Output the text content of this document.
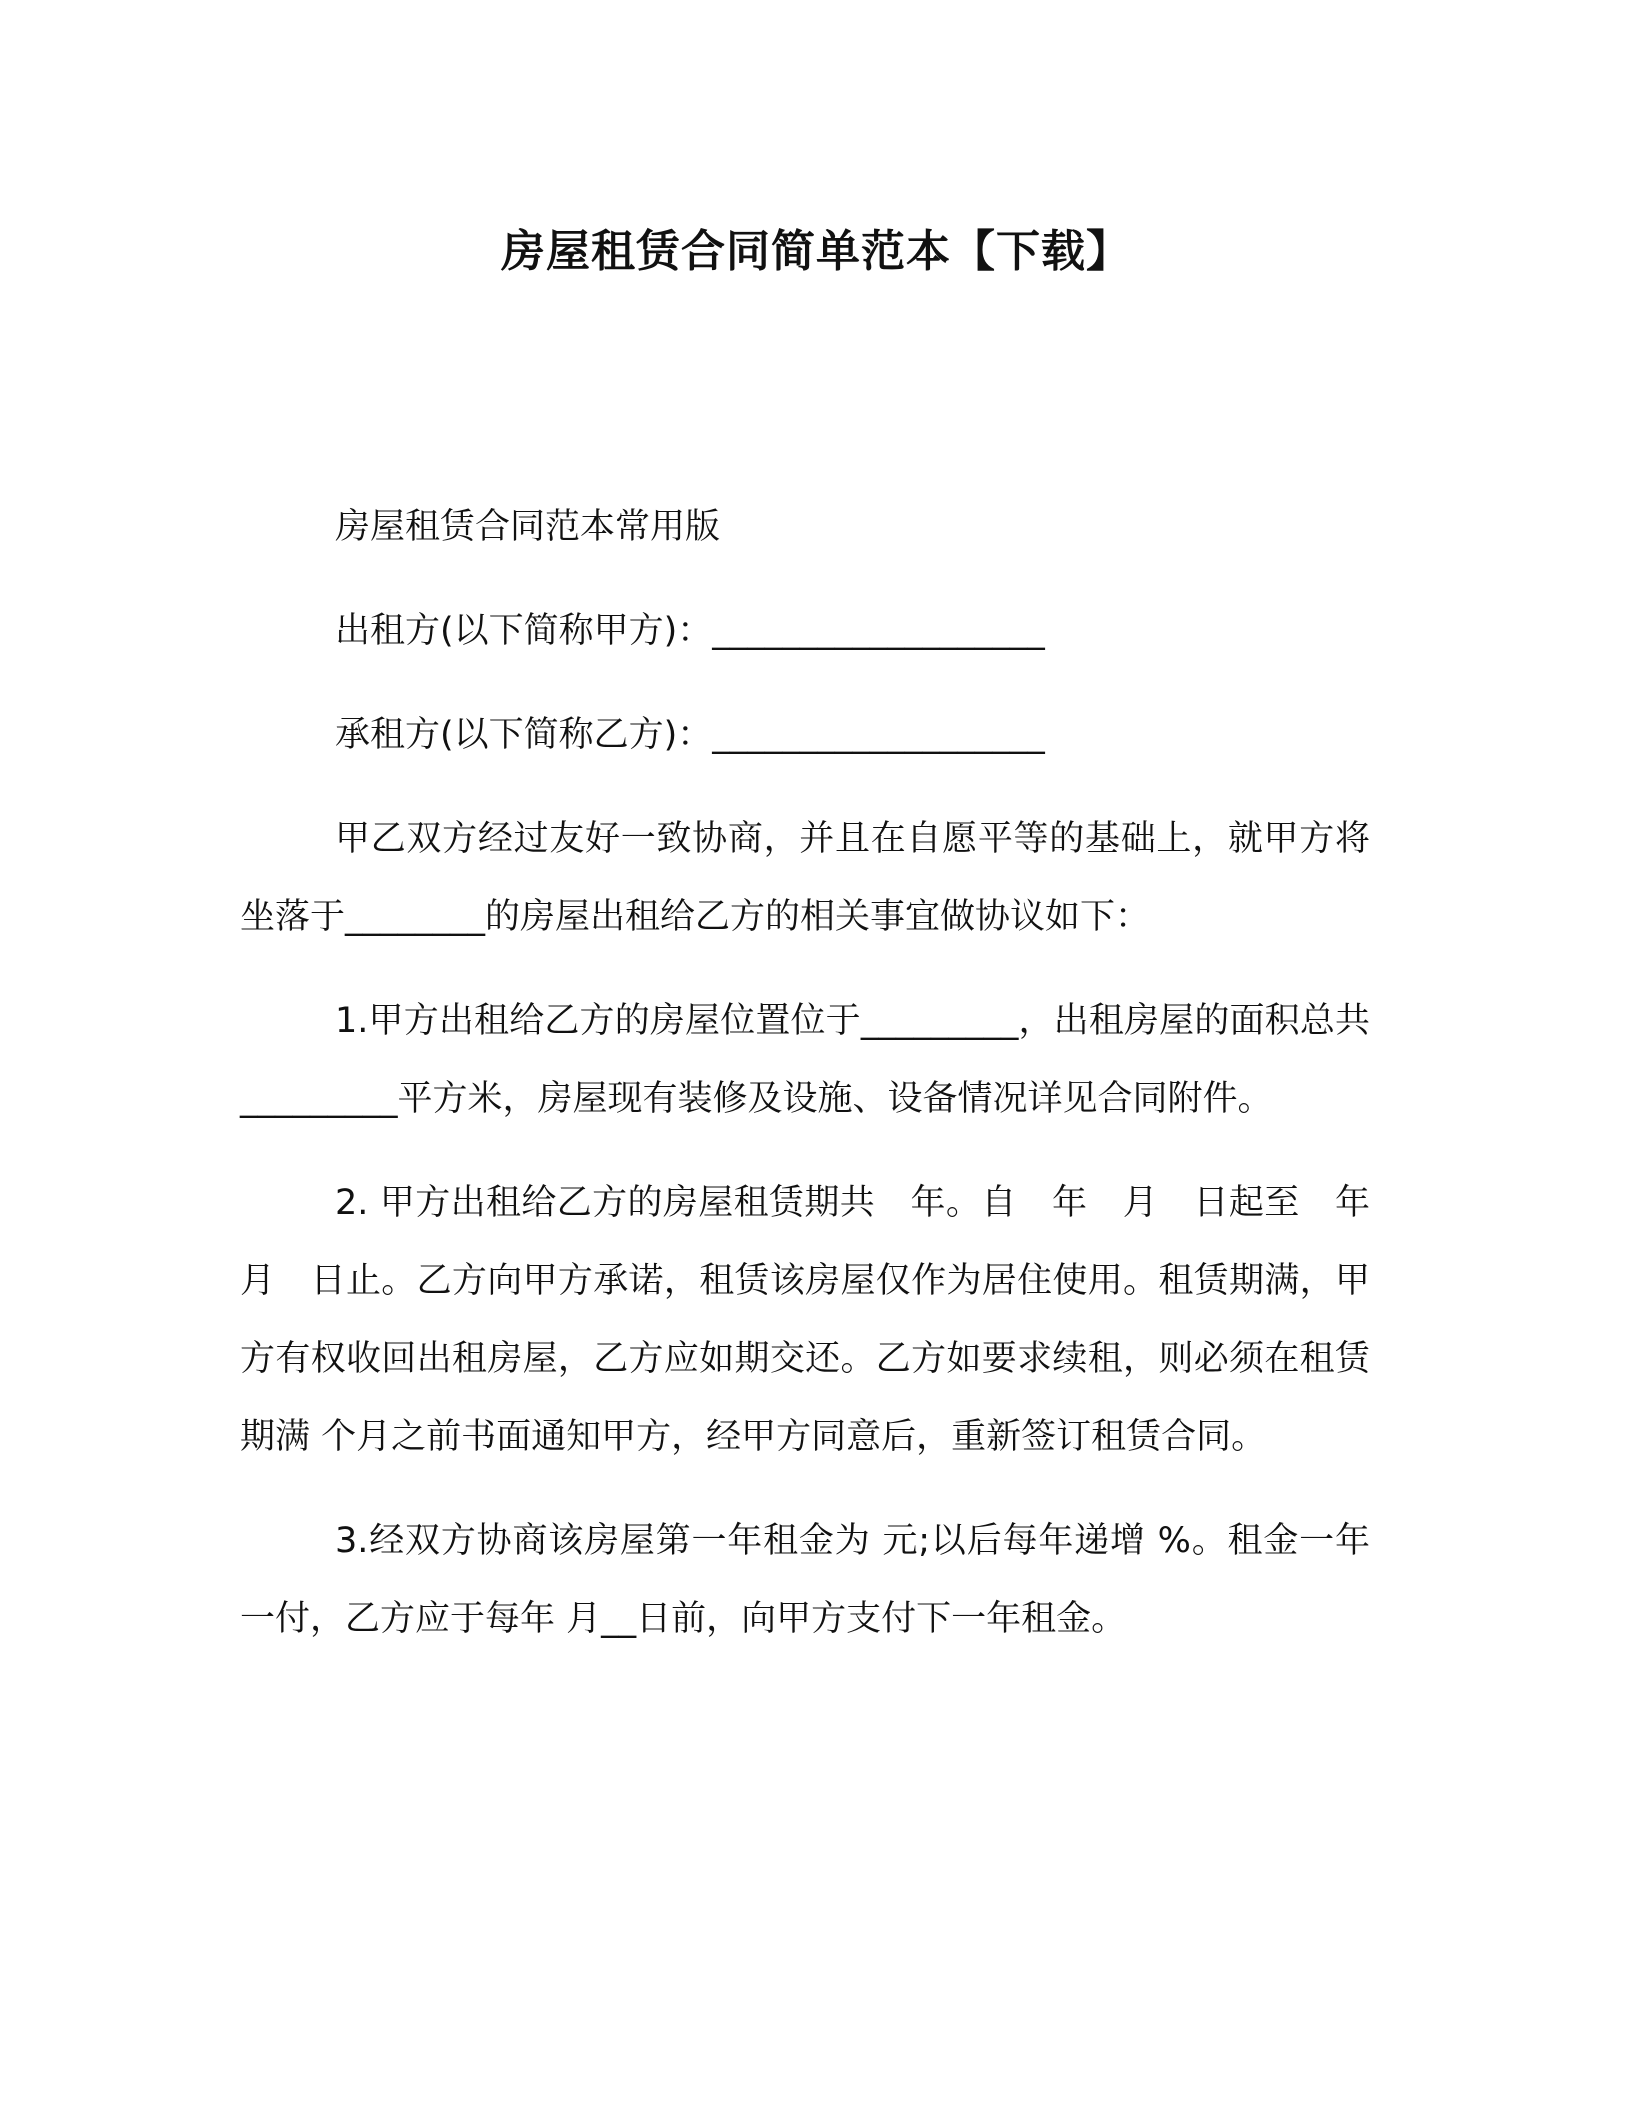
房屋租赁合同简单范本【下载】

房屋租赁合同范本常用版

出租方(以下简称甲方)：___________________

承租方(以下简称乙方)：___________________

甲乙双方经过友好一致协商，并且在自愿平等的基础上，就甲方将坐落于________的房屋出租给乙方的相关事宜做协议如下：

1.甲方出租给乙方的房屋位置位于_________，出租房屋的面积总共_________平方米，房屋现有装修及设施、设备情况详见合同附件。

2. 甲方出租给乙方的房屋租赁期共　年。自　年　月　日起至　年　月　日止。乙方向甲方承诺，租赁该房屋仅作为居住使用。租赁期满，甲方有权收回出租房屋，乙方应如期交还。乙方如要求续租，则必须在租赁期满 个月之前书面通知甲方，经甲方同意后，重新签订租赁合同。

3.经双方协商该房屋第一年租金为 元;以后每年递增 %。租金一年一付，乙方应于每年 月__日前，向甲方支付下一年租金。
